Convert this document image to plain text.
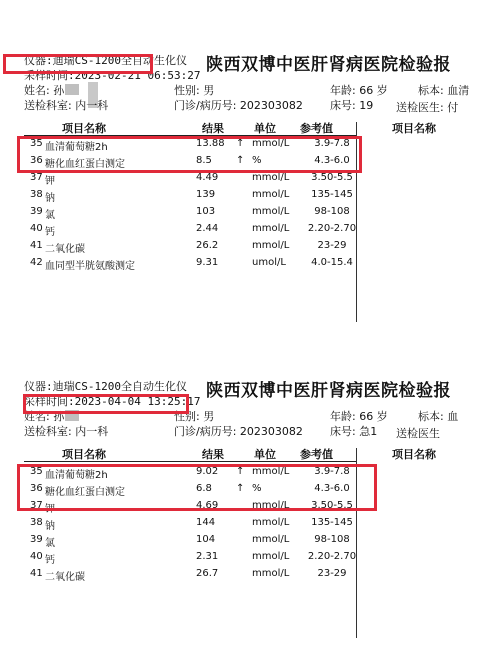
仪器:迪瑞CS-1200全自动生化仪 陕西双博中医肝肾病医院检验报
采样时间:2023-02-21 06:53:27
姓名: 孙	性别: 男	年龄: 66 岁	标本: 血清
送检科室: 内一科	门诊/病历号: 202303082 床号: 19 送检医生: 付
项目名称	结果	单位 参考值	项目名称
35 血清葡萄糖2h	13.88 ↑ mmol/L	3.9-7.8
36 糖化血红蛋白测定	8.5 ↑ %	4.3-6.0
37 钾	4.49	mmol/L	3.50-5.5
38 钠	139	mmol/L	135-145
39 氯	103	mmol/L	98-108
40 钙	2.44	mmol/L	2.20-2.70
41 二氧化碳	26.2	mmol/L	23-29
42 血同型半胱氨酸测定	9.31	umol/L	4.0-15.4
仪器:迪瑞CS-1200全自动生化仪 陕西双博中医肝肾病医院检验报
采样时间:2023-04-04 13:25:17
姓名: 孙	性别: 男	年龄: 66 岁	标本: 血
送检科室: 内一科	门诊/病历号: 202303082 床号: 急1 送检医生
项目名称	结果	单位 参考值	项目名称
35 血清葡萄糖2h	9.02 ↑ mmol/L	3.9-7.8
36 糖化血红蛋白测定	6.8 ↑ %	4.3-6.0
37 钾	4.69	mmol/L	3.50-5.5
38 钠	144	mmol/L	135-145
39 氯	104	mmol/L	98-108
40 钙	2.31	mmol/L	2.20-2.70
41 二氧化碳	26.7	mmol/L	23-29
